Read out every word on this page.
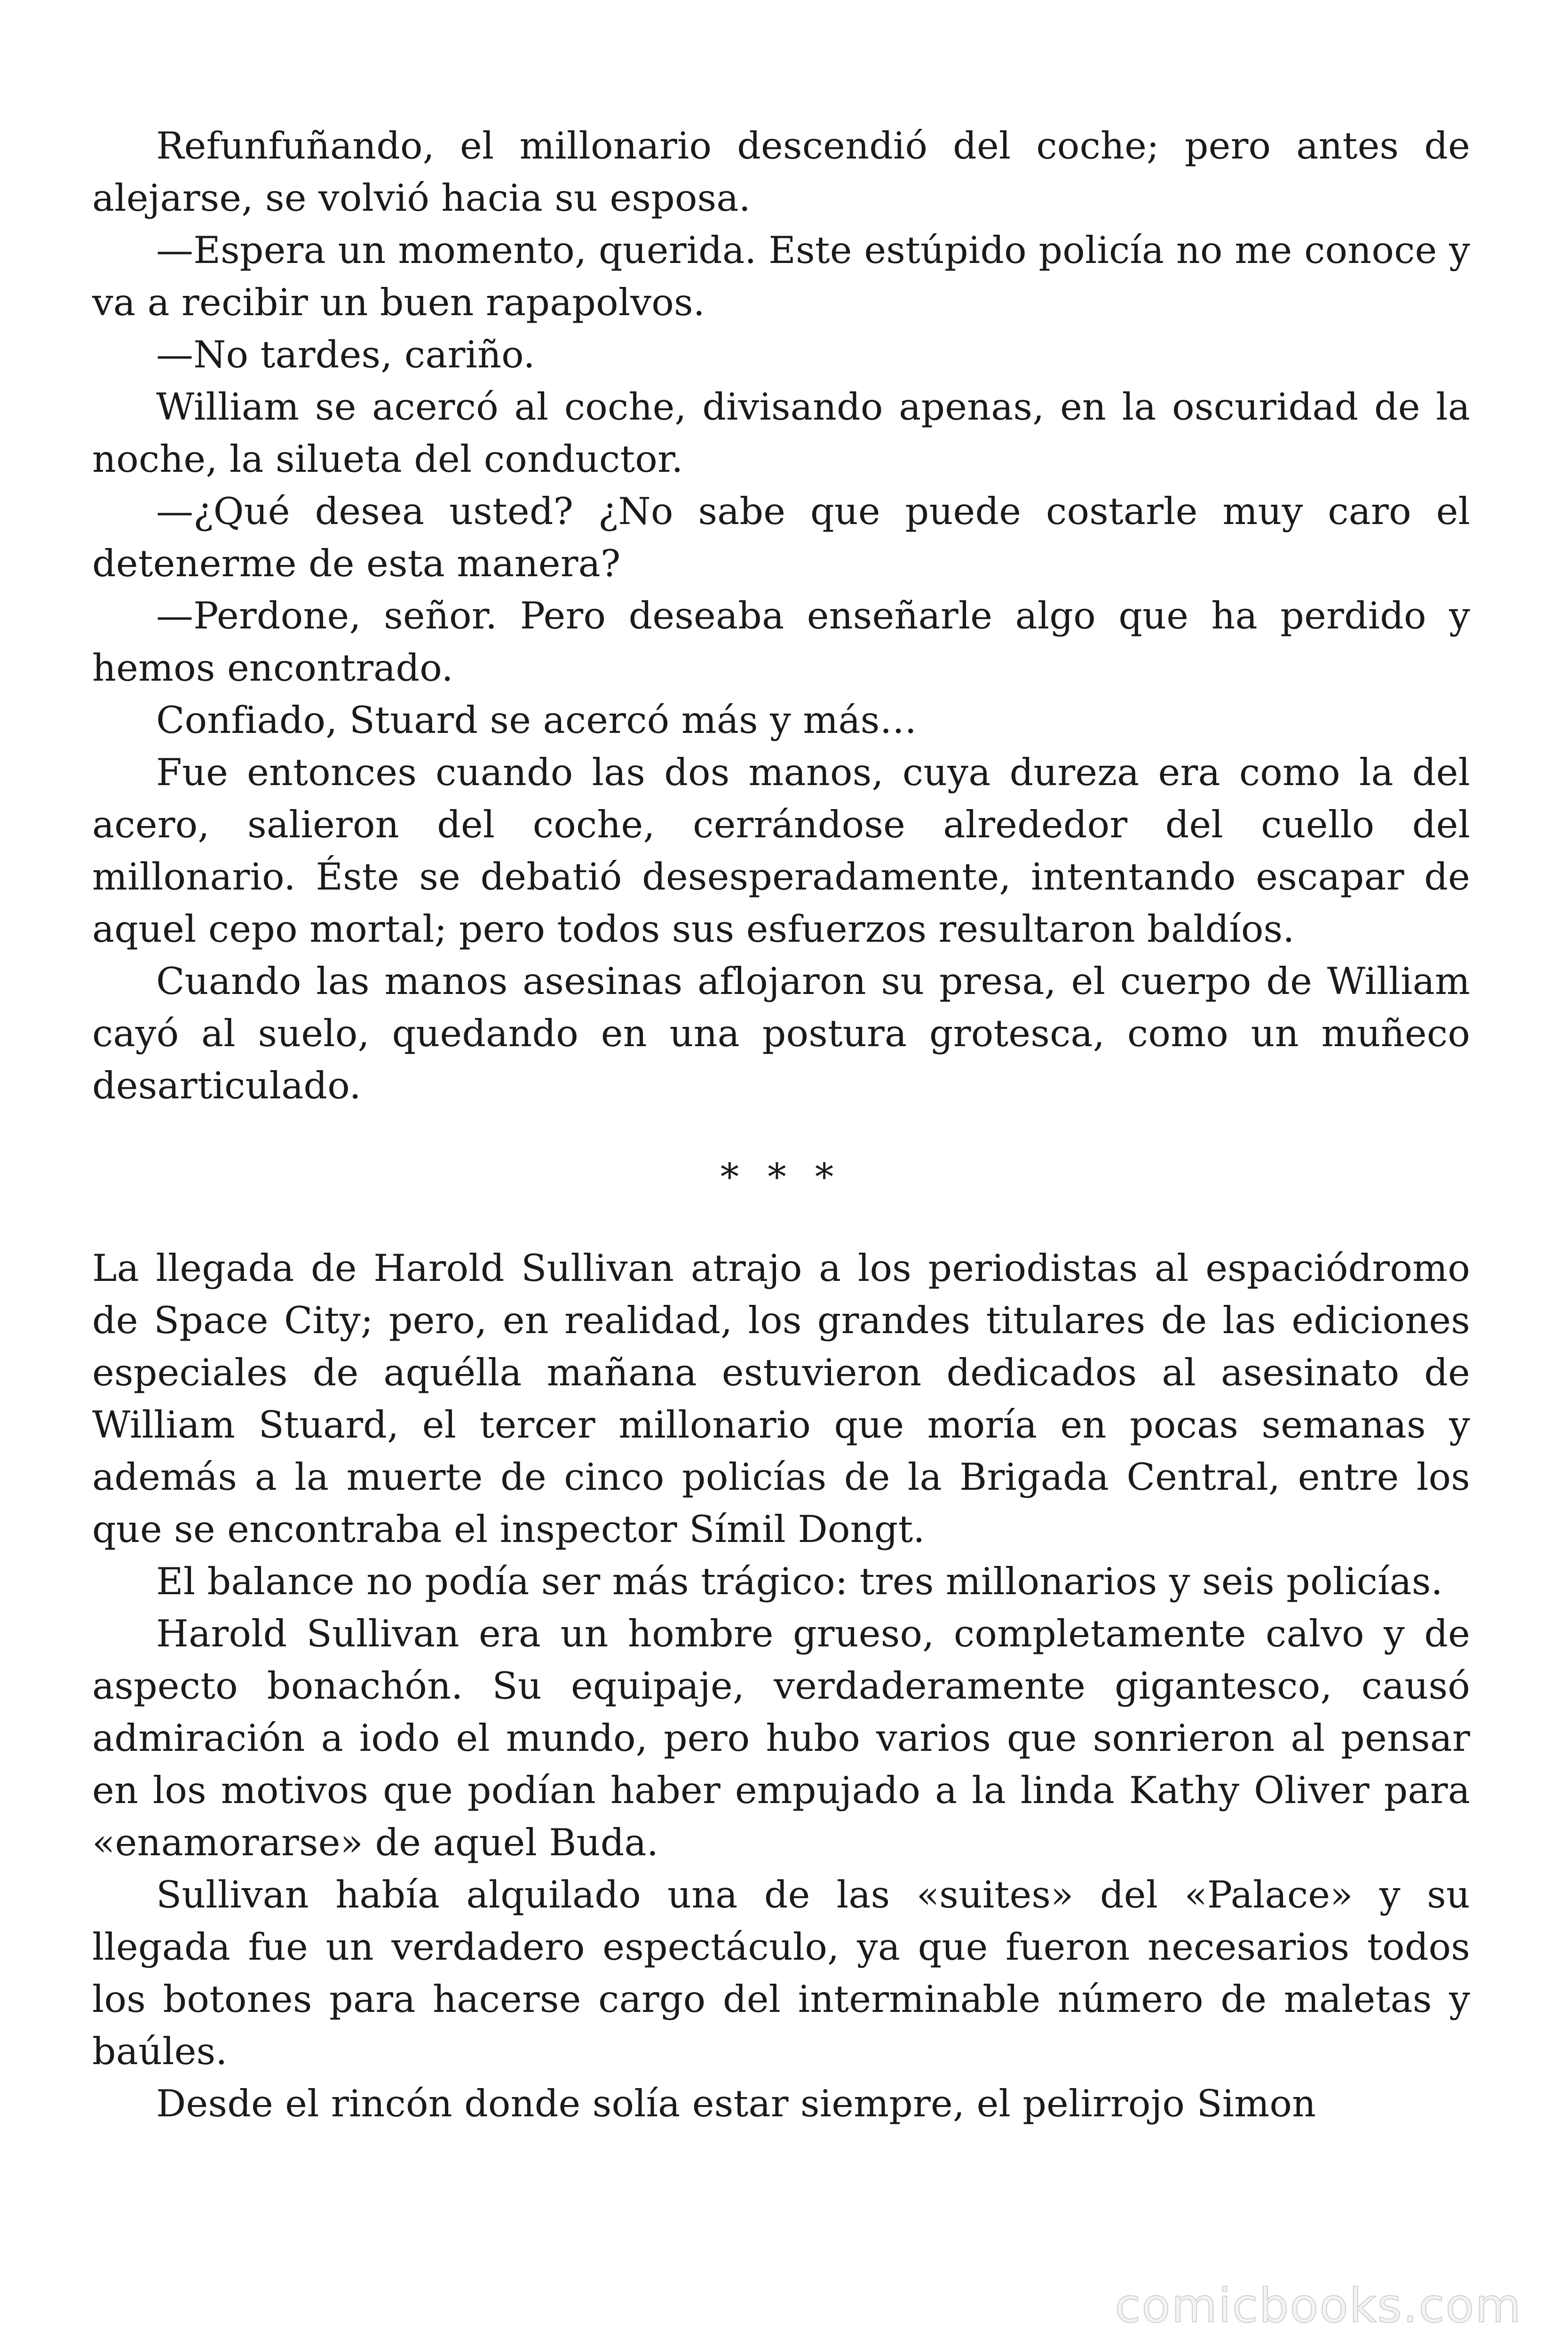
Refunfuñando, el millonario descendió del coche; pero antes de alejarse, se volvió hacia su esposa.

—Espera un momento, querida. Este estúpido policía no me conoce y va a recibir un buen rapapolvos.

—No tardes, cariño.

William se acercó al coche, divisando apenas, en la oscuridad de la noche, la silueta del conductor.

—¿Qué desea usted? ¿No sabe que puede costarle muy caro el detenerme de esta manera?

—Perdone, señor. Pero deseaba enseñarle algo que ha perdido y hemos encontrado.

Confiado, Stuard se acercó más y más…

Fue entonces cuando las dos manos, cuya dureza era como la del acero, salieron del coche, cerrándose alrededor del cuello del millonario. Éste se debatió desesperadamente, intentando escapar de aquel cepo mortal; pero todos sus esfuerzos resultaron baldíos.

Cuando las manos asesinas aflojaron su presa, el cuerpo de William cayó al suelo, quedando en una postura grotesca, como un muñeco desarticulado.

* * *

La llegada de Harold Sullivan atrajo a los periodistas al espaciódromo de Space City; pero, en realidad, los grandes titulares de las ediciones especiales de aquélla mañana estuvieron dedicados al asesinato de William Stuard, el tercer millonario que moría en pocas semanas y además a la muerte de cinco policías de la Brigada Central, entre los que se encontraba el inspector Símil Dongt.

El balance no podía ser más trágico: tres millonarios y seis policías.

Harold Sullivan era un hombre grueso, completamente calvo y de aspecto bonachón. Su equipaje, verdaderamente gigantesco, causó admiración a iodo el mundo, pero hubo varios que sonrieron al pensar en los motivos que podían haber empujado a la linda Kathy Oliver para «enamorarse» de aquel Buda.

Sullivan había alquilado una de las «suites» del «Palace» y su llegada fue un verdadero espectáculo, ya que fueron necesarios todos los botones para hacerse cargo del interminable número de maletas y baúles.

Desde el rincón donde solía estar siempre, el pelirrojo Simon

comicbooks.com
